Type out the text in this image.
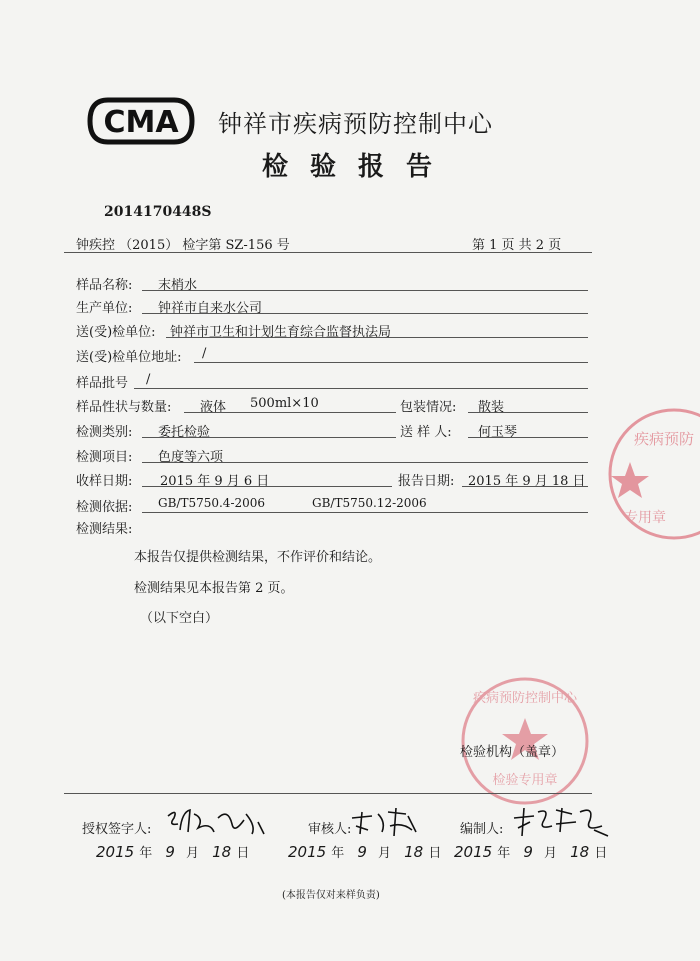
CMA 钟祥市疾病预防控制中心
检验报告
2014170448S
钟疾控 （2015） 检字第 SZ-156 号	第 1 页 共 2 页
样品名称: 末梢水
生产单位: 钟祥市自来水公司
送(受)检单位: 钟祥市卫生和计划生育综合监督执法局
送(受)检单位地址: /
样品批号 /
样品性状与数量: 液体 500ml×10	包装情况: 散装
检测类别: 委托检验	送 样 人: 何玉琴
检测项目: 色度等六项
收样日期: 2015 年 9 月 6 日	报告日期: 2015 年 9 月 18 日
检测依据: GB/T5750.4-2006	GB/T5750.12-2006
检测结果:
本报告仅提供检测结果，不作评价和结论。
检测结果见本报告第 2 页。
（以下空白）
疾病预防
专用章
疾病预防控制中心
检验专用章
检验机构（盖章）
授权签字人:	审核人:	编制人:
2015 年 9 月 18 日	2015 年 9 月 18 日 2015 年 9 月 18 日
(本报告仅对来样负责)
